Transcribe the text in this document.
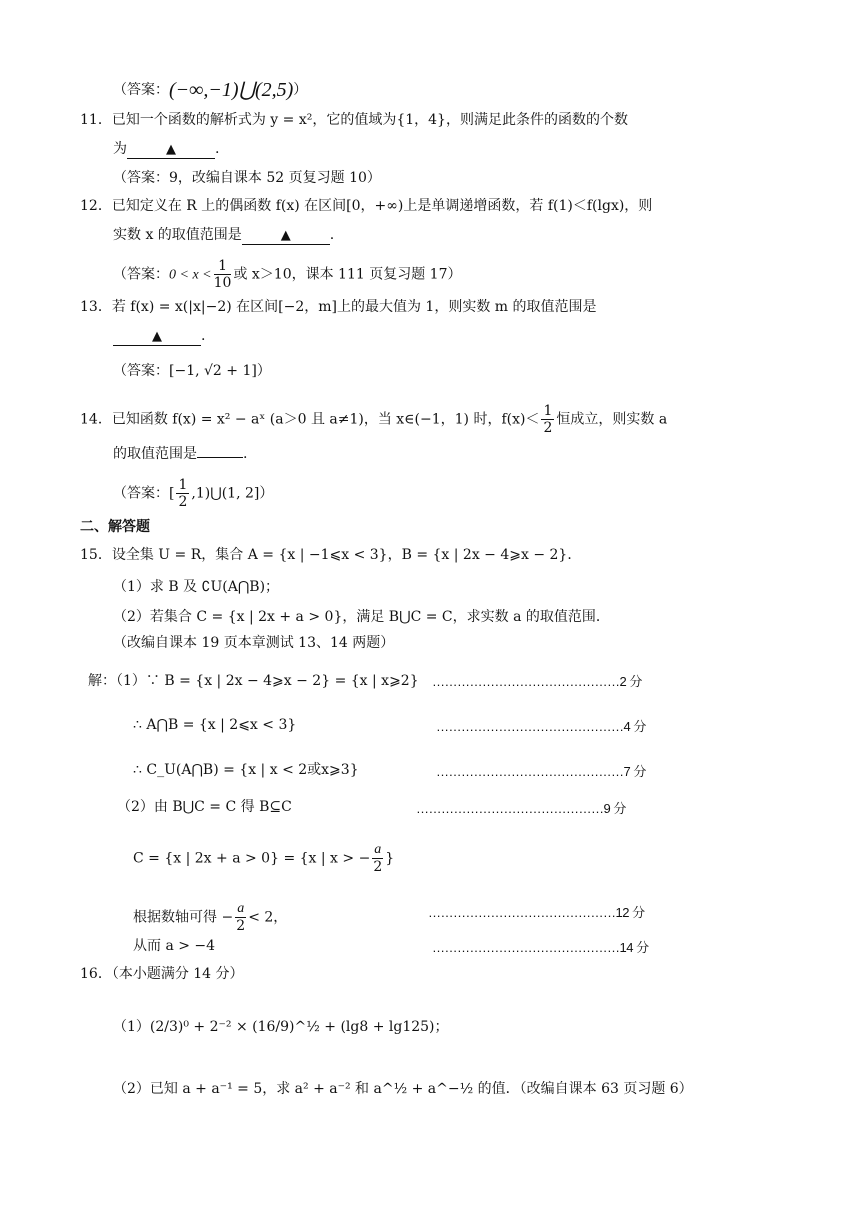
（答案：(−∞,−1)⋃(2,5)）
11．已知一个函数的解析式为 y = x²，它的值域为{1，4}，则满足此条件的函数的个数
为	▲	.
（答案：9，改编自课本 52 页复习题 10）
12．已知定义在 R 上的偶函数 f(x) 在区间[0，+∞)上是单调递增函数，若 f(1)＜f(lgx)，则
实数 x 的取值范围是	▲	.
（答案：$0 < x < \frac{1}{10}$ 或 x＞10，课本 111 页复习题 17）
13．若 f(x) = x(|x|−2) 在区间[−2，m]上的最大值为 1，则实数 m 的取值范围是
▲	.
（答案：[−1, √2 + 1]）
14．已知函数 f(x) = x² − aˣ (a＞0 且 a≠1)，当 x∈(−1，1) 时，$f(x)< \frac{1}{2}$ 恒成立，则实数 a
的取值范围是	.
（答案：[ $\frac{1}{2}$ ,1)⋃(1, 2]）
二、解答题
15．设全集 U = R，集合 A = {x | −1⩽x < 3}，B = {x | 2x − 4⩾x − 2}．
（1）求 B 及 ∁U(A⋂B)；
（2）若集合 C = {x | 2x + a > 0}，满足 B⋃C = C，求实数 a 的取值范围．
（改编自课本 19 页本章测试 13、14 两题）
解：（1）∵ B = {x | 2x − 4⩾x − 2} = {x | x⩾2} ………………………………………2 分
∴ A⋂B = {x | 2⩽x < 3}	………………………………………4 分
∴ C_U(A⋂B) = {x | x < 2或x⩾3}	………………………………………7 分
（2）由 B⋃C = C 得 B⊆C	………………………………………9 分
C = {x | 2x + a > 0} = {x | x > − $\frac{a}{2}$ }
根据数轴可得 − $\frac{a}{2} < 2$，	………………………………………12 分
从而 a > −4	………………………………………14 分
16．（本小题满分 14 分）
（1）(2/3)⁰ + 2⁻² × (16/9)^½ + (lg8 + lg125)；
（2）已知 a + a⁻¹ = 5，求 a² + a⁻² 和 a^½ + a^−½ 的值．（改编自课本 63 页习题 6）
